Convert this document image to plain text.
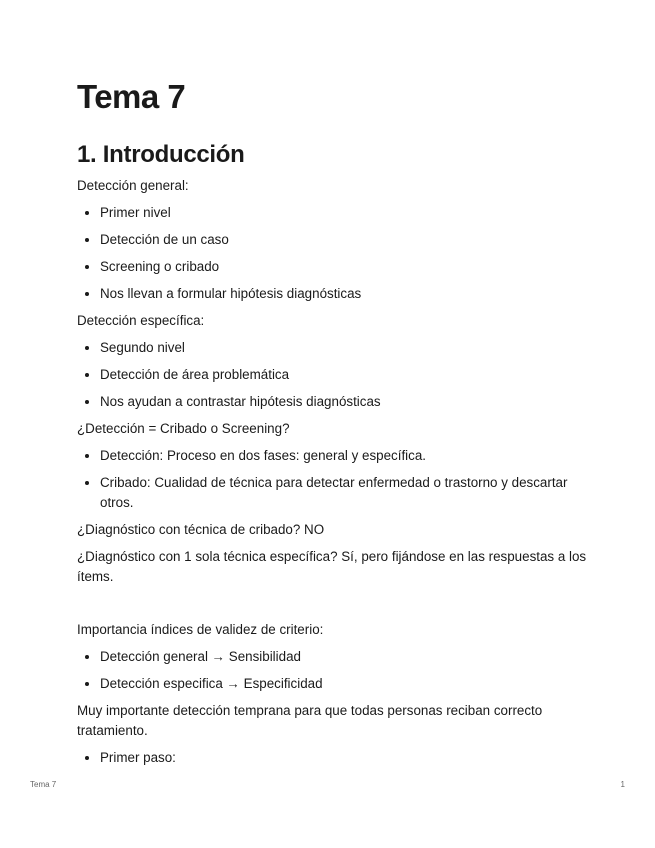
Tema 7
1. Introducción

Detección general:

• Primer nivel
• Detección de un caso
• Screening o cribado
• Nos llevan a formular hipótesis diagnósticas

Detección específica:

• Segundo nivel
• Detección de área problemática
• Nos ayudan a contrastar hipótesis diagnósticas

¿Detección = Cribado o Screening?

• Detección: Proceso en dos fases: general y específica.
• Cribado: Cualidad de técnica para detectar enfermedad o trastorno y descartar otros.

¿Diagnóstico con técnica de cribado? NO

¿Diagnóstico con 1 sola técnica específica? Sí, pero fijándose en las respuestas a los ítems.

Importancia índices de validez de criterio:

• Detección general → Sensibilidad
• Detección especifica → Especificidad

Muy importante detección temprana para que todas personas reciban correcto tratamiento.

• Primer paso:
Tema 7	1
